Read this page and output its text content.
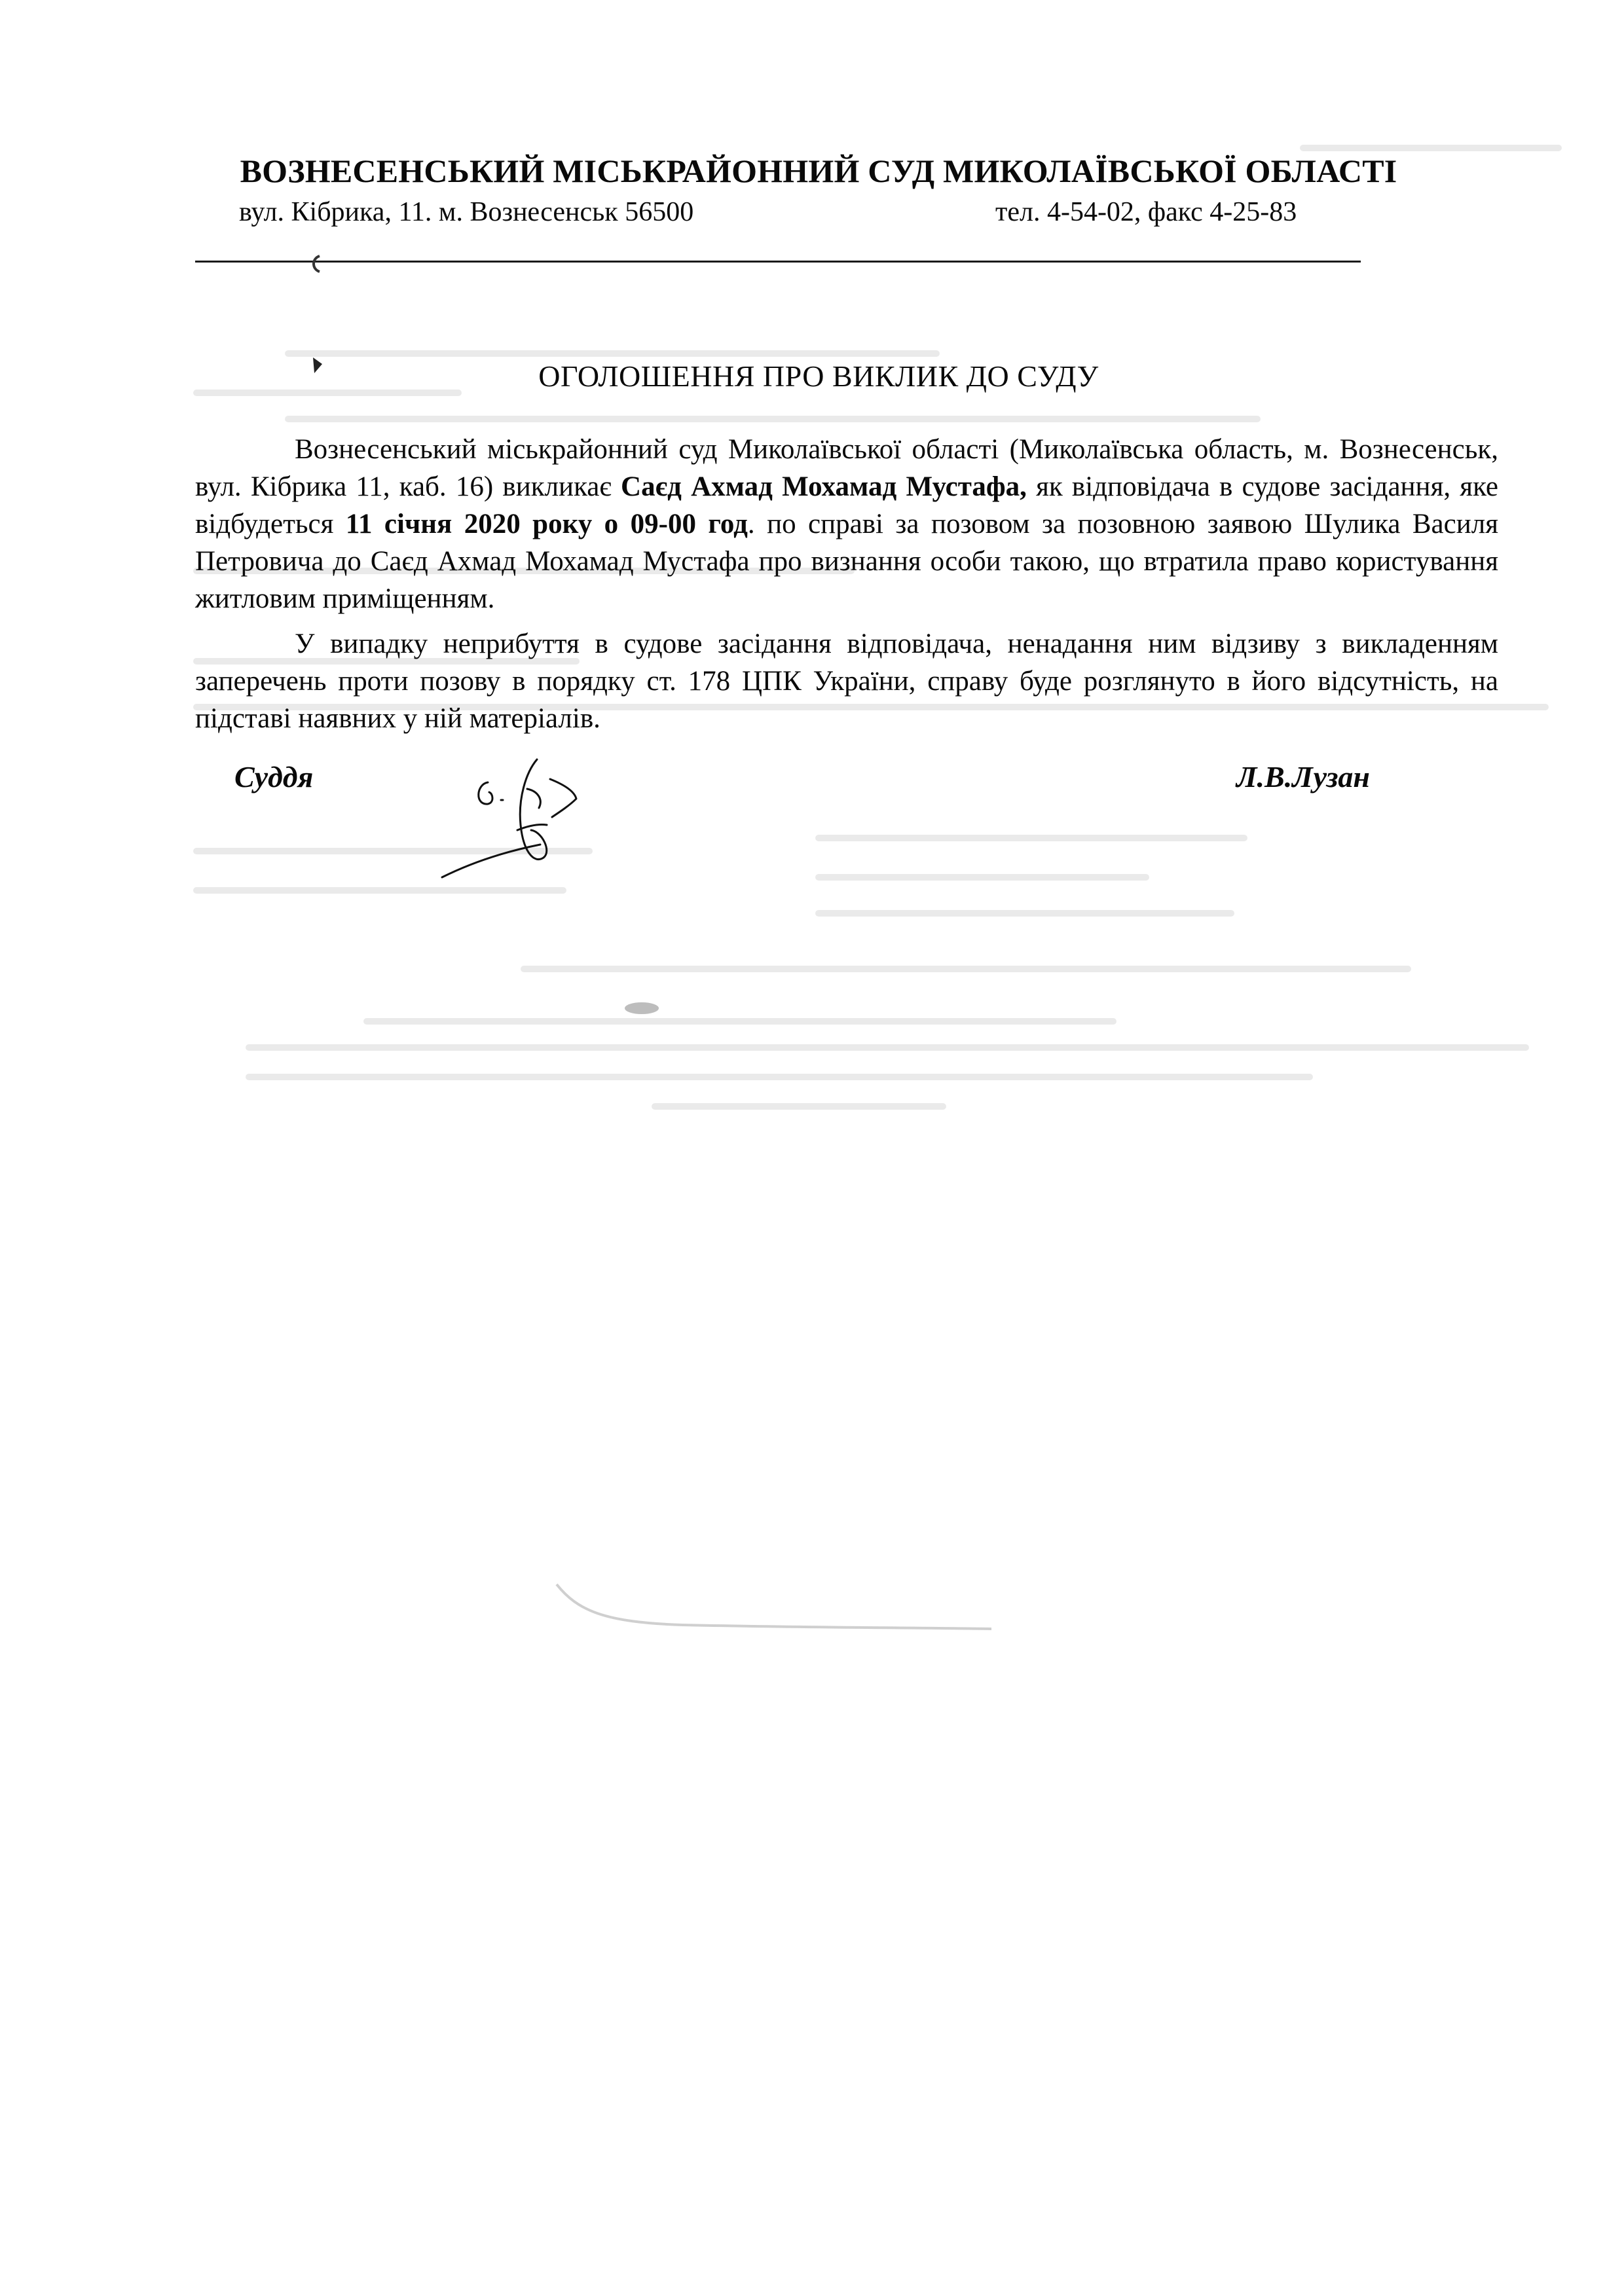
ВОЗНЕСЕНСЬКИЙ МІСЬКРАЙОННИЙ СУД МИКОЛАЇВСЬКОЇ ОБЛАСТІ
вул. Кібрика, 11. м. Вознесенськ 56500	тел. 4-54-02, факс 4-25-83
ОГОЛОШЕННЯ ПРО ВИКЛИК ДО СУДУ

Вознесенський міськрайонний суд Миколаївської області (Миколаївська область, м. Вознесенськ, вул. Кібрика 11, каб. 16) викликає Саєд Ахмад Мохамад Мустафа, як відповідача в судове засідання, яке відбудеться 11 січня 2020 року о 09-00 год. по справі за позовом за позовною заявою Шулика Василя Петровича до Саєд Ахмад Мохамад Мустафа про визнання особи такою, що втратила право користування житловим приміщенням.

У випадку неприбуття в судове засідання відповідача, ненадання ним відзиву з викладенням заперечень проти позову в порядку ст. 178 ЦПК України, справу буде розглянуто в його відсутність, на підставі наявних у ній матеріалів.

Суддя	Л.В.Лузан
